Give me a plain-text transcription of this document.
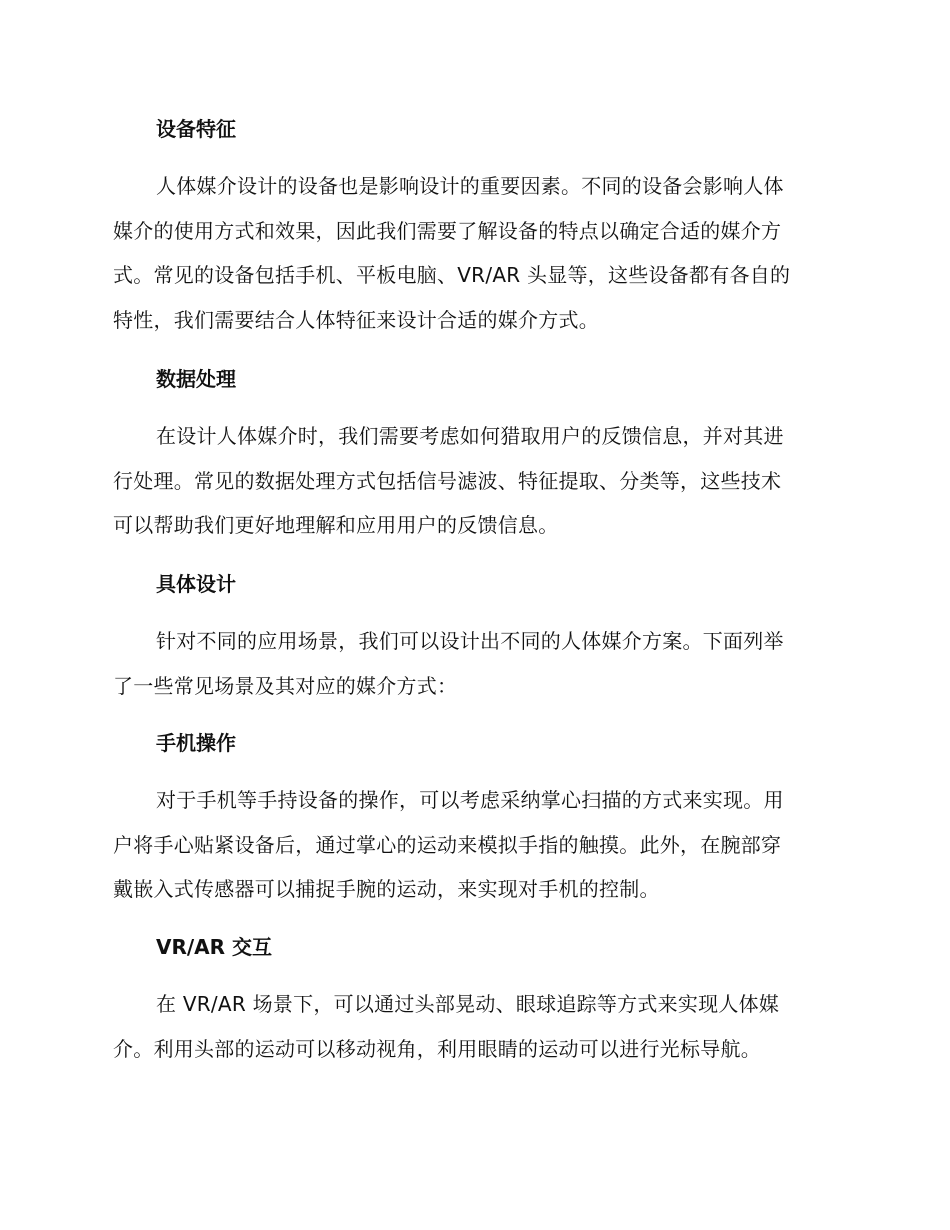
设备特征
人体媒介设计的设备也是影响设计的重要因素。不同的设备会影响人体
媒介的使用方式和效果，因此我们需要了解设备的特点以确定合适的媒介方
式。常见的设备包括手机、平板电脑、VR/AR 头显等，这些设备都有各自的
特性，我们需要结合人体特征来设计合适的媒介方式。
数据处理
在设计人体媒介时，我们需要考虑如何猎取用户的反馈信息，并对其进
行处理。常见的数据处理方式包括信号滤波、特征提取、分类等，这些技术
可以帮助我们更好地理解和应用用户的反馈信息。
具体设计
针对不同的应用场景，我们可以设计出不同的人体媒介方案。下面列举
了一些常见场景及其对应的媒介方式：
手机操作
对于手机等手持设备的操作，可以考虑采纳掌心扫描的方式来实现。用
户将手心贴紧设备后，通过掌心的运动来模拟手指的触摸。此外，在腕部穿
戴嵌入式传感器可以捕捉手腕的运动，来实现对手机的控制。
VR/AR 交互
在 VR/AR 场景下，可以通过头部晃动、眼球追踪等方式来实现人体媒
介。利用头部的运动可以移动视角，利用眼睛的运动可以进行光标导航。
